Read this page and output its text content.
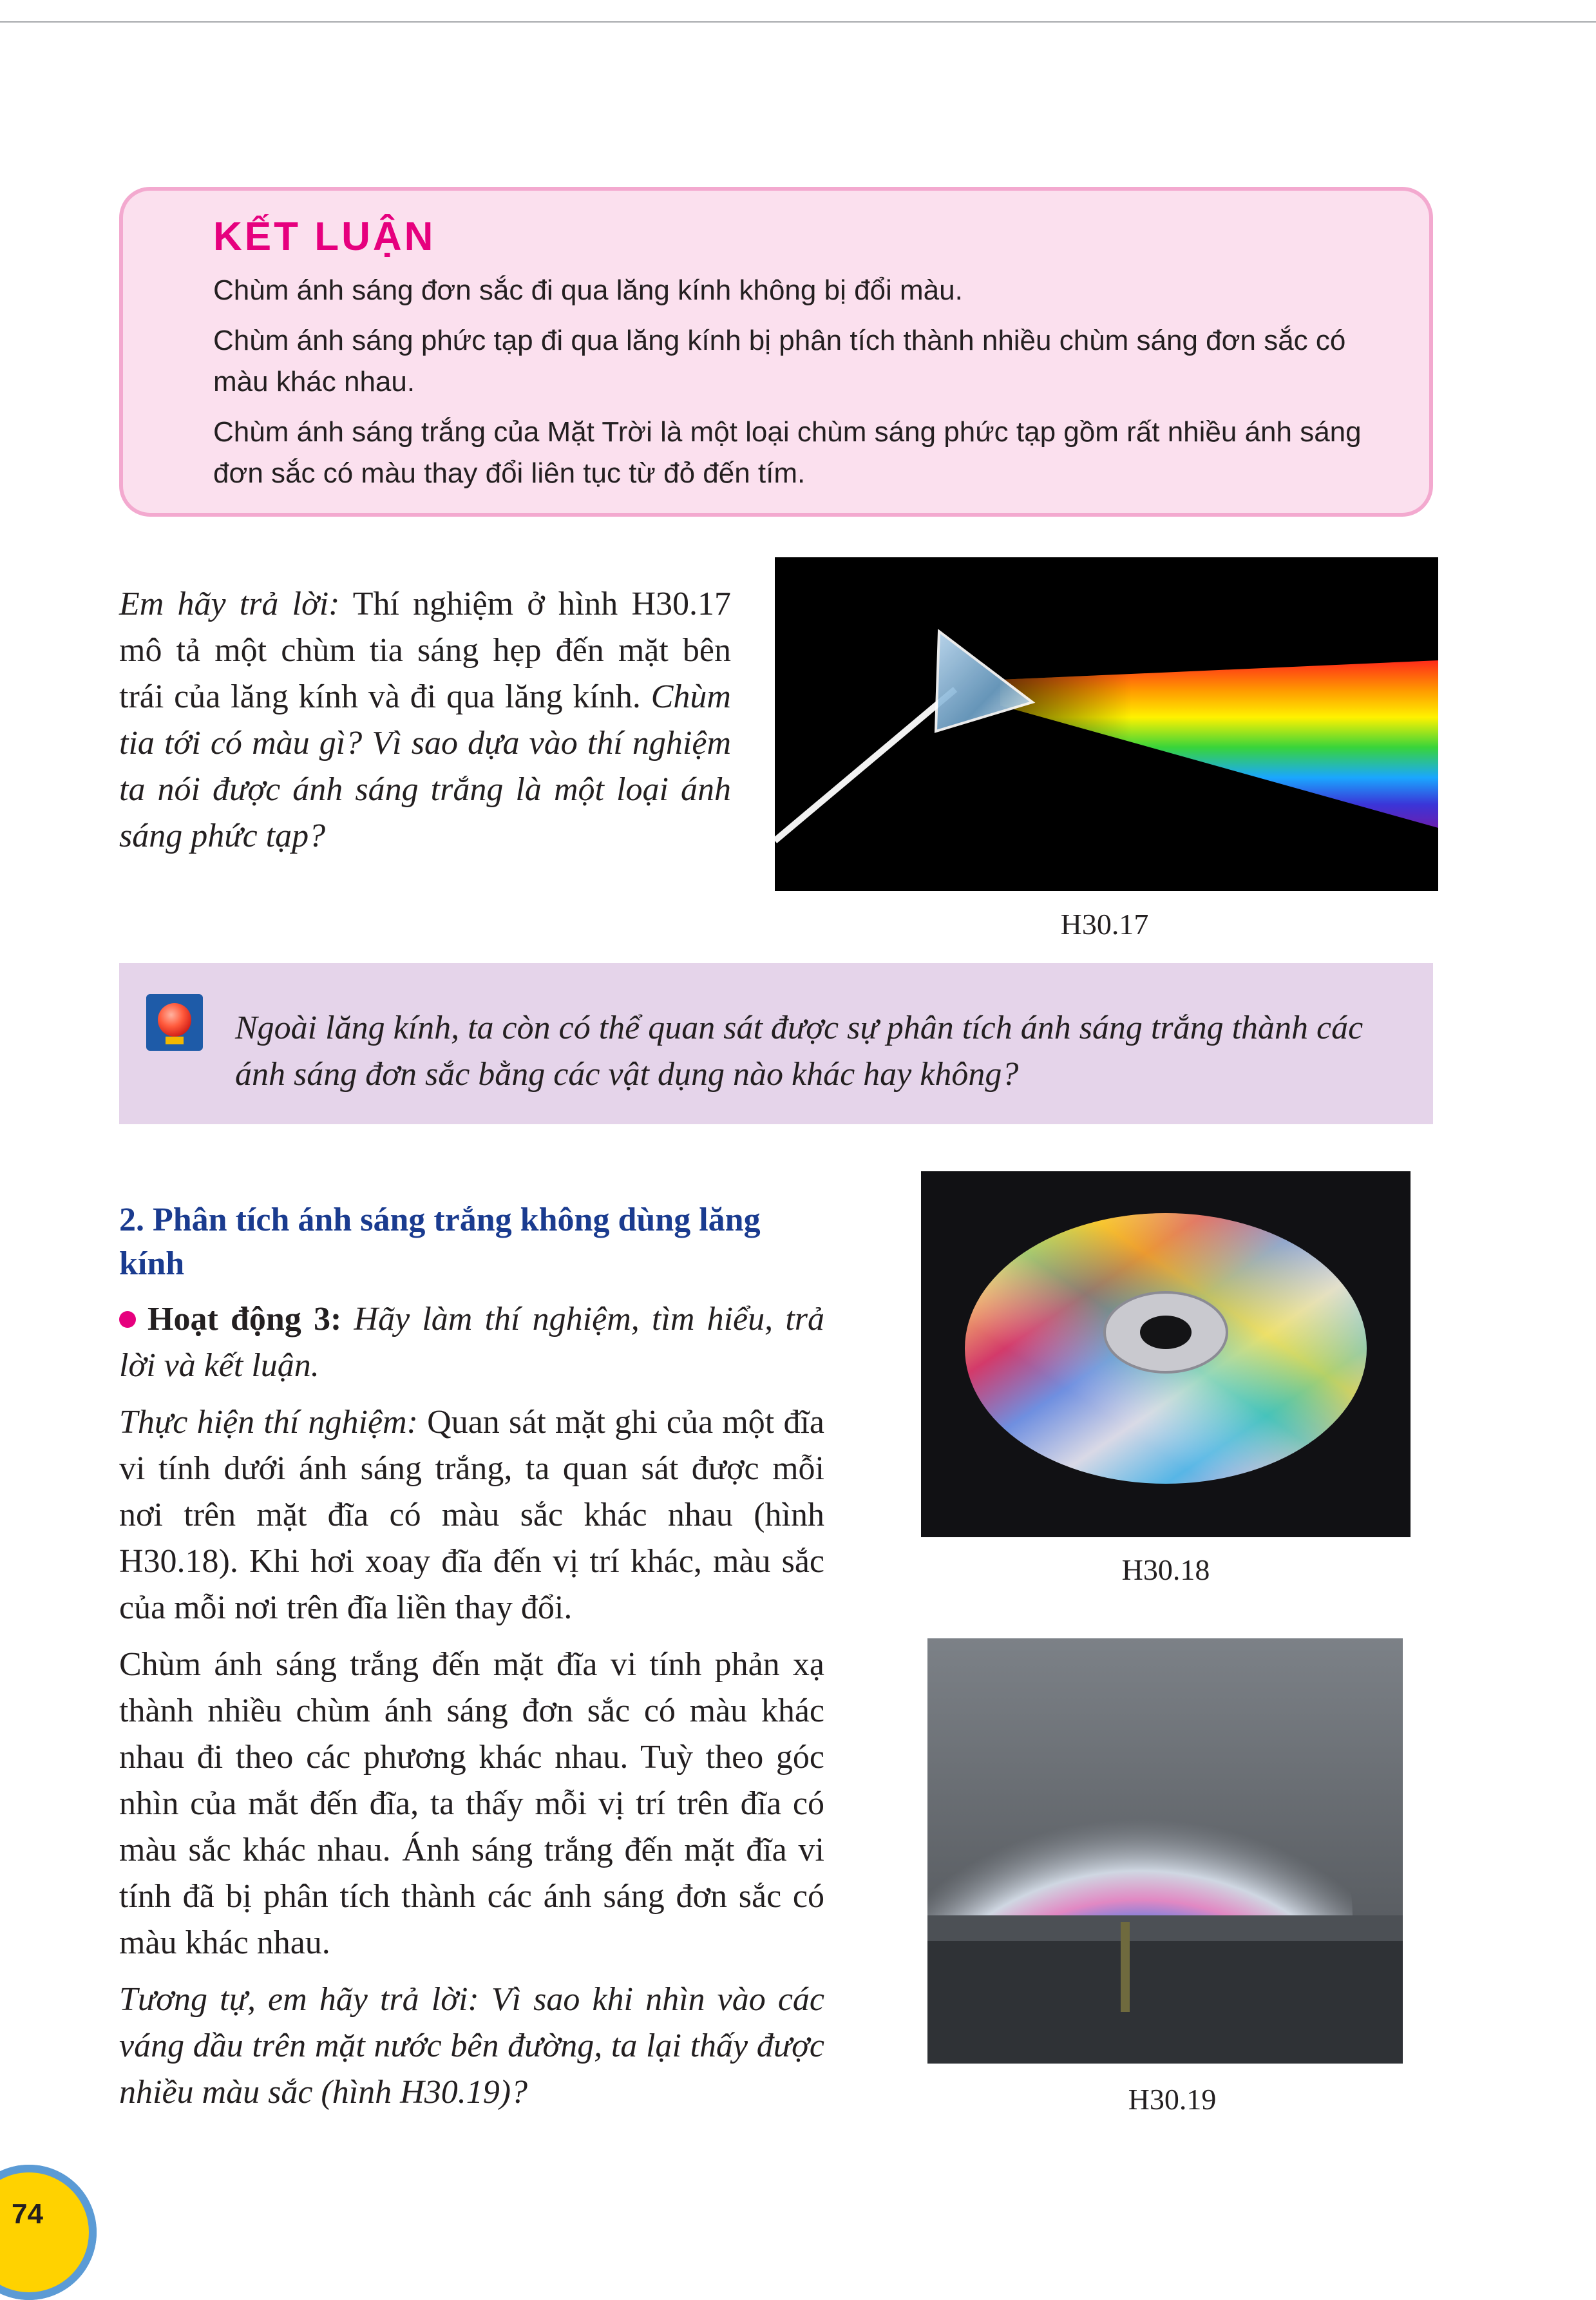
KẾT LUẬN

Chùm ánh sáng đơn sắc đi qua lăng kính không bị đổi màu.

Chùm ánh sáng phức tạp đi qua lăng kính bị phân tích thành nhiều chùm sáng đơn sắc có màu khác nhau.

Chùm ánh sáng trắng của Mặt Trời là một loại chùm sáng phức tạp gồm rất nhiều ánh sáng đơn sắc có màu thay đổi liên tục từ đỏ đến tím.

Em hãy trả lời: Thí nghiệm ở hình H30.17 mô tả một chùm tia sáng hẹp đến mặt bên trái của lăng kính và đi qua lăng kính. Chùm tia tới có màu gì? Vì sao dựa vào thí nghiệm ta nói được ánh sáng trắng là một loại ánh sáng phức tạp?

H30.17

Ngoài lăng kính, ta còn có thể quan sát được sự phân tích ánh sáng trắng thành các ánh sáng đơn sắc bằng các vật dụng nào khác hay không?

2. Phân tích ánh sáng trắng không dùng lăng kính

Hoạt động 3: Hãy làm thí nghiệm, tìm hiểu, trả lời và kết luận.

Thực hiện thí nghiệm: Quan sát mặt ghi của một đĩa vi tính dưới ánh sáng trắng, ta quan sát được mỗi nơi trên mặt đĩa có màu sắc khác nhau (hình H30.18). Khi hơi xoay đĩa đến vị trí khác, màu sắc của mỗi nơi trên đĩa liền thay đổi.

Chùm ánh sáng trắng đến mặt đĩa vi tính phản xạ thành nhiều chùm ánh sáng đơn sắc có màu khác nhau đi theo các phương khác nhau. Tuỳ theo góc nhìn của mắt đến đĩa, ta thấy mỗi vị trí trên đĩa có màu sắc khác nhau. Ánh sáng trắng đến mặt đĩa vi tính đã bị phân tích thành các ánh sáng đơn sắc có màu khác nhau.

Tương tự, em hãy trả lời: Vì sao khi nhìn vào các váng dầu trên mặt nước bên đường, ta lại thấy được nhiều màu sắc (hình H30.19)?

H30.18
H30.19
74
